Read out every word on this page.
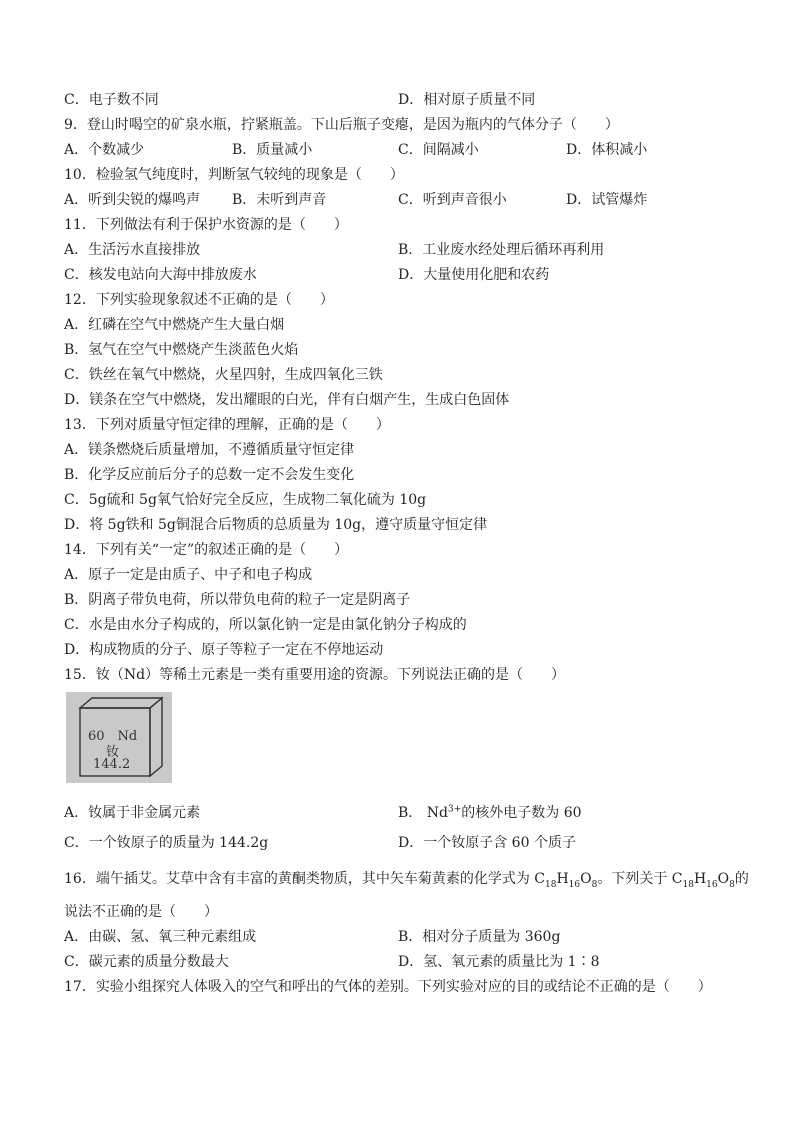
C．电子数不同	D．相对原子质量不同
9．登山时喝空的矿泉水瓶，拧紧瓶盖。下山后瓶子变瘪，是因为瓶内的气体分子（　　）
A．个数减少	B．质量减小	C．间隔减小	D．体积减小
10．检验氢气纯度时，判断氢气较纯的现象是（　　）
A．听到尖锐的爆鸣声 B．未听到声音	C．听到声音很小	D．试管爆炸
11．下列做法有利于保护水资源的是（　　）
A．生活污水直接排放	B．工业废水经处理后循环再利用
C．核发电站向大海中排放废水	D．大量使用化肥和农药
12．下列实验现象叙述不正确的是（　　）
A．红磷在空气中燃烧产生大量白烟
B．氢气在空气中燃烧产生淡蓝色火焰
C．铁丝在氧气中燃烧，火星四射，生成四氧化三铁
D．镁条在空气中燃烧，发出耀眼的白光，伴有白烟产生，生成白色固体
13．下列对质量守恒定律的理解，正确的是（　　）
A．镁条燃烧后质量增加，不遵循质量守恒定律
B．化学反应前后分子的总数一定不会发生变化
C．5g硫和 5g氧气恰好完全反应，生成物二氧化硫为 10g
D．将 5g铁和 5g铜混合后物质的总质量为 10g，遵守质量守恒定律
14．下列有关“一定”的叙述正确的是（　　）
A．原子一定是由质子、中子和电子构成
B．阴离子带负电荷，所以带负电荷的粒子一定是阴离子
C．水是由水分子构成的，所以氯化钠一定是由氯化钠分子构成的
D．构成物质的分子、原子等粒子一定在不停地运动
15．钕（Nd）等稀土元素是一类有重要用途的资源。下列说法正确的是（　　）
60　Nd
钕
144.2
A．钕属于非金属元素	B． $Nd^{3+}$的核外电子数为 60
C．一个钕原子的质量为 144.2g	D．一个钕原子含 60 个质子
16．端午插艾。艾草中含有丰富的黄酮类物质，其中矢车菊黄素的化学式为 $C_{18}H_{16}O_8$。下列关于 $C_{18}H_{16}O_8$的
说法不正确的是（　　）
A．由碳、氢、氧三种元素组成	B．相对分子质量为 360g
C．碳元素的质量分数最大	D．氢、氧元素的质量比为 1∶8
17．实验小组探究人体吸入的空气和呼出的气体的差别。下列实验对应的目的或结论不正确的是（　　）
